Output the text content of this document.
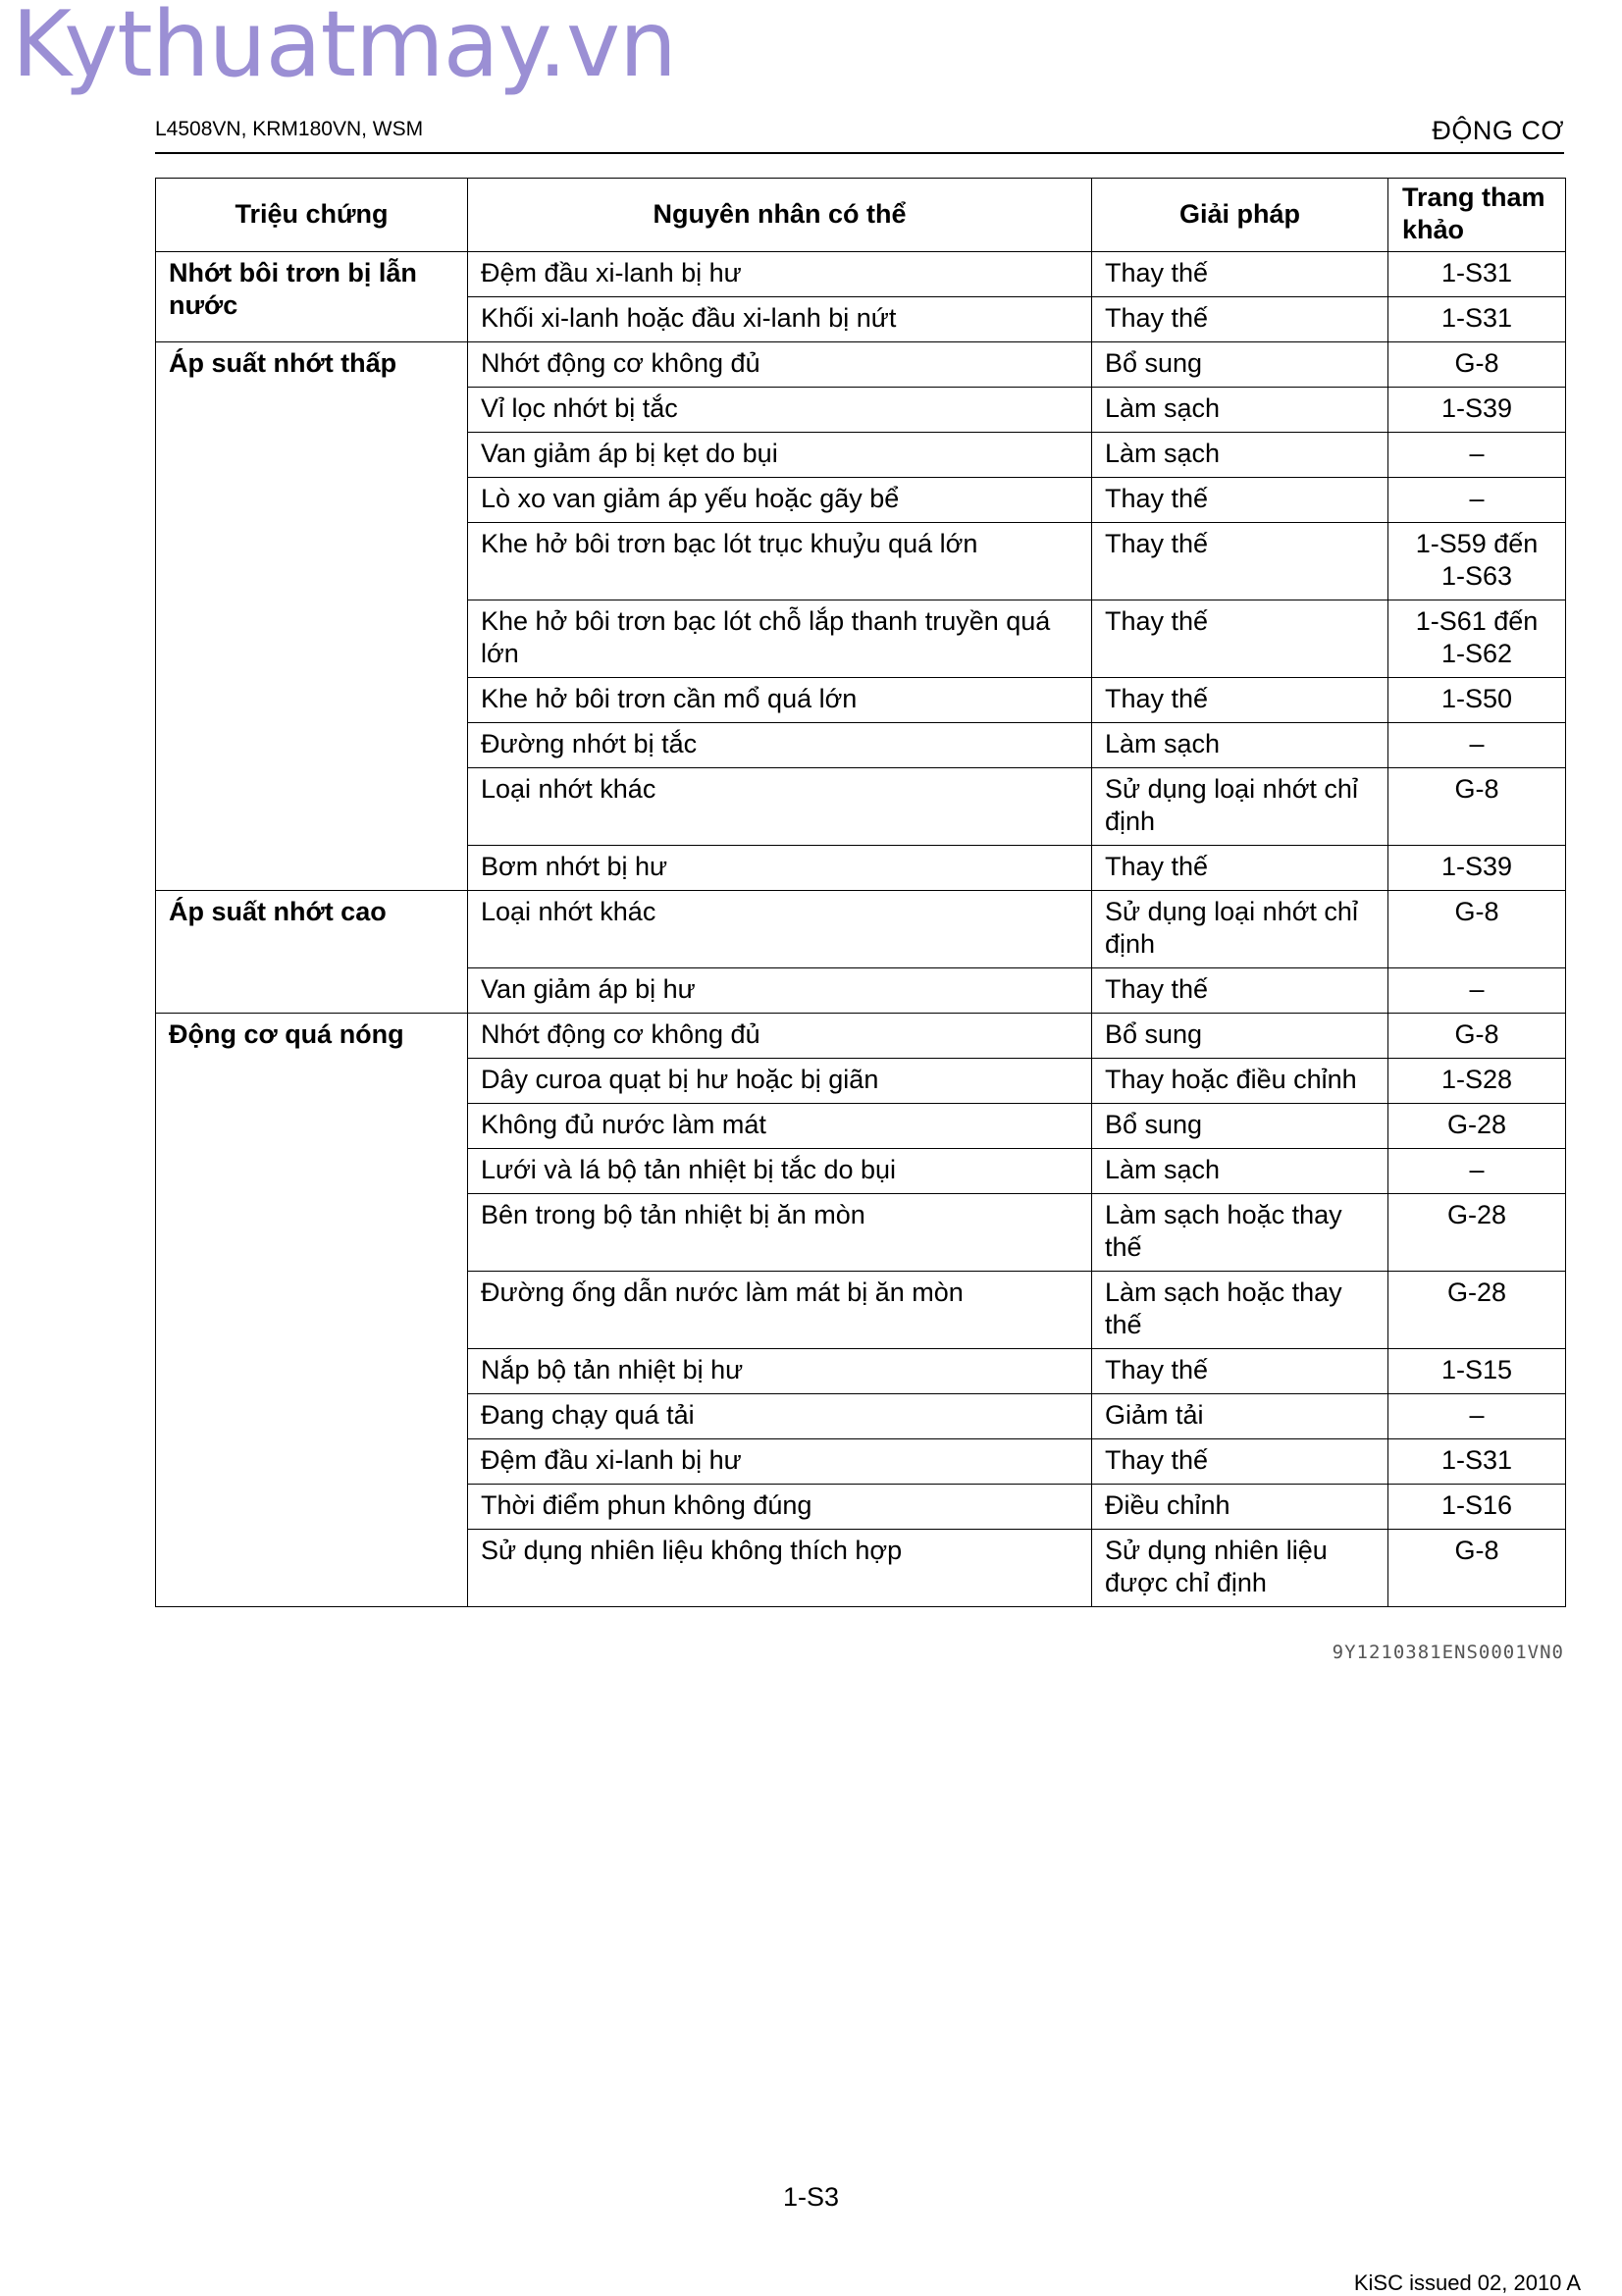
Kythuatmay.vn
L4508VN, KRM180VN, WSM	ĐỘNG CƠ
Triệu chứng	Nguyên nhân có thể	Giải pháp	Trang tham khảo
Nhớt bôi trơn bị lẫn nước	Đệm đầu xi-lanh bị hư	Thay thế	1-S31
	Khối xi-lanh hoặc đầu xi-lanh bị nứt	Thay thế	1-S31
Áp suất nhớt thấp	Nhớt động cơ không đủ	Bổ sung	G-8
	Vỉ lọc nhớt bị tắc	Làm sạch	1-S39
	Van giảm áp bị kẹt do bụi	Làm sạch	–
	Lò xo van giảm áp yếu hoặc gãy bể	Thay thế	–
	Khe hở bôi trơn bạc lót trục khuỷu quá lớn	Thay thế	1-S59 đến 1-S63
	Khe hở bôi trơn bạc lót chỗ lắp thanh truyền quá lớn	Thay thế	1-S61 đến 1-S62
	Khe hở bôi trơn cần mổ quá lớn	Thay thế	1-S50
	Đường nhớt bị tắc	Làm sạch	–
	Loại nhớt khác	Sử dụng loại nhớt chỉ định	G-8
	Bơm nhớt bị hư	Thay thế	1-S39
Áp suất nhớt cao	Loại nhớt khác	Sử dụng loại nhớt chỉ định	G-8
	Van giảm áp bị hư	Thay thế	–
Động cơ quá nóng	Nhớt động cơ không đủ	Bổ sung	G-8
	Dây curoa quạt bị hư hoặc bị giãn	Thay hoặc điều chỉnh	1-S28
	Không đủ nước làm mát	Bổ sung	G-28
	Lưới và lá bộ tản nhiệt bị tắc do bụi	Làm sạch	–
	Bên trong bộ tản nhiệt bị ăn mòn	Làm sạch hoặc thay thế	G-28
	Đường ống dẫn nước làm mát bị ăn mòn	Làm sạch hoặc thay thế	G-28
	Nắp bộ tản nhiệt bị hư	Thay thế	1-S15
	Đang chạy quá tải	Giảm tải	–
	Đệm đầu xi-lanh bị hư	Thay thế	1-S31
	Thời điểm phun không đúng	Điều chỉnh	1-S16
	Sử dụng nhiên liệu không thích hợp	Sử dụng nhiên liệu được chỉ định	G-8
9Y1210381ENS0001VN0
1-S3
KiSC issued 02, 2010 A
